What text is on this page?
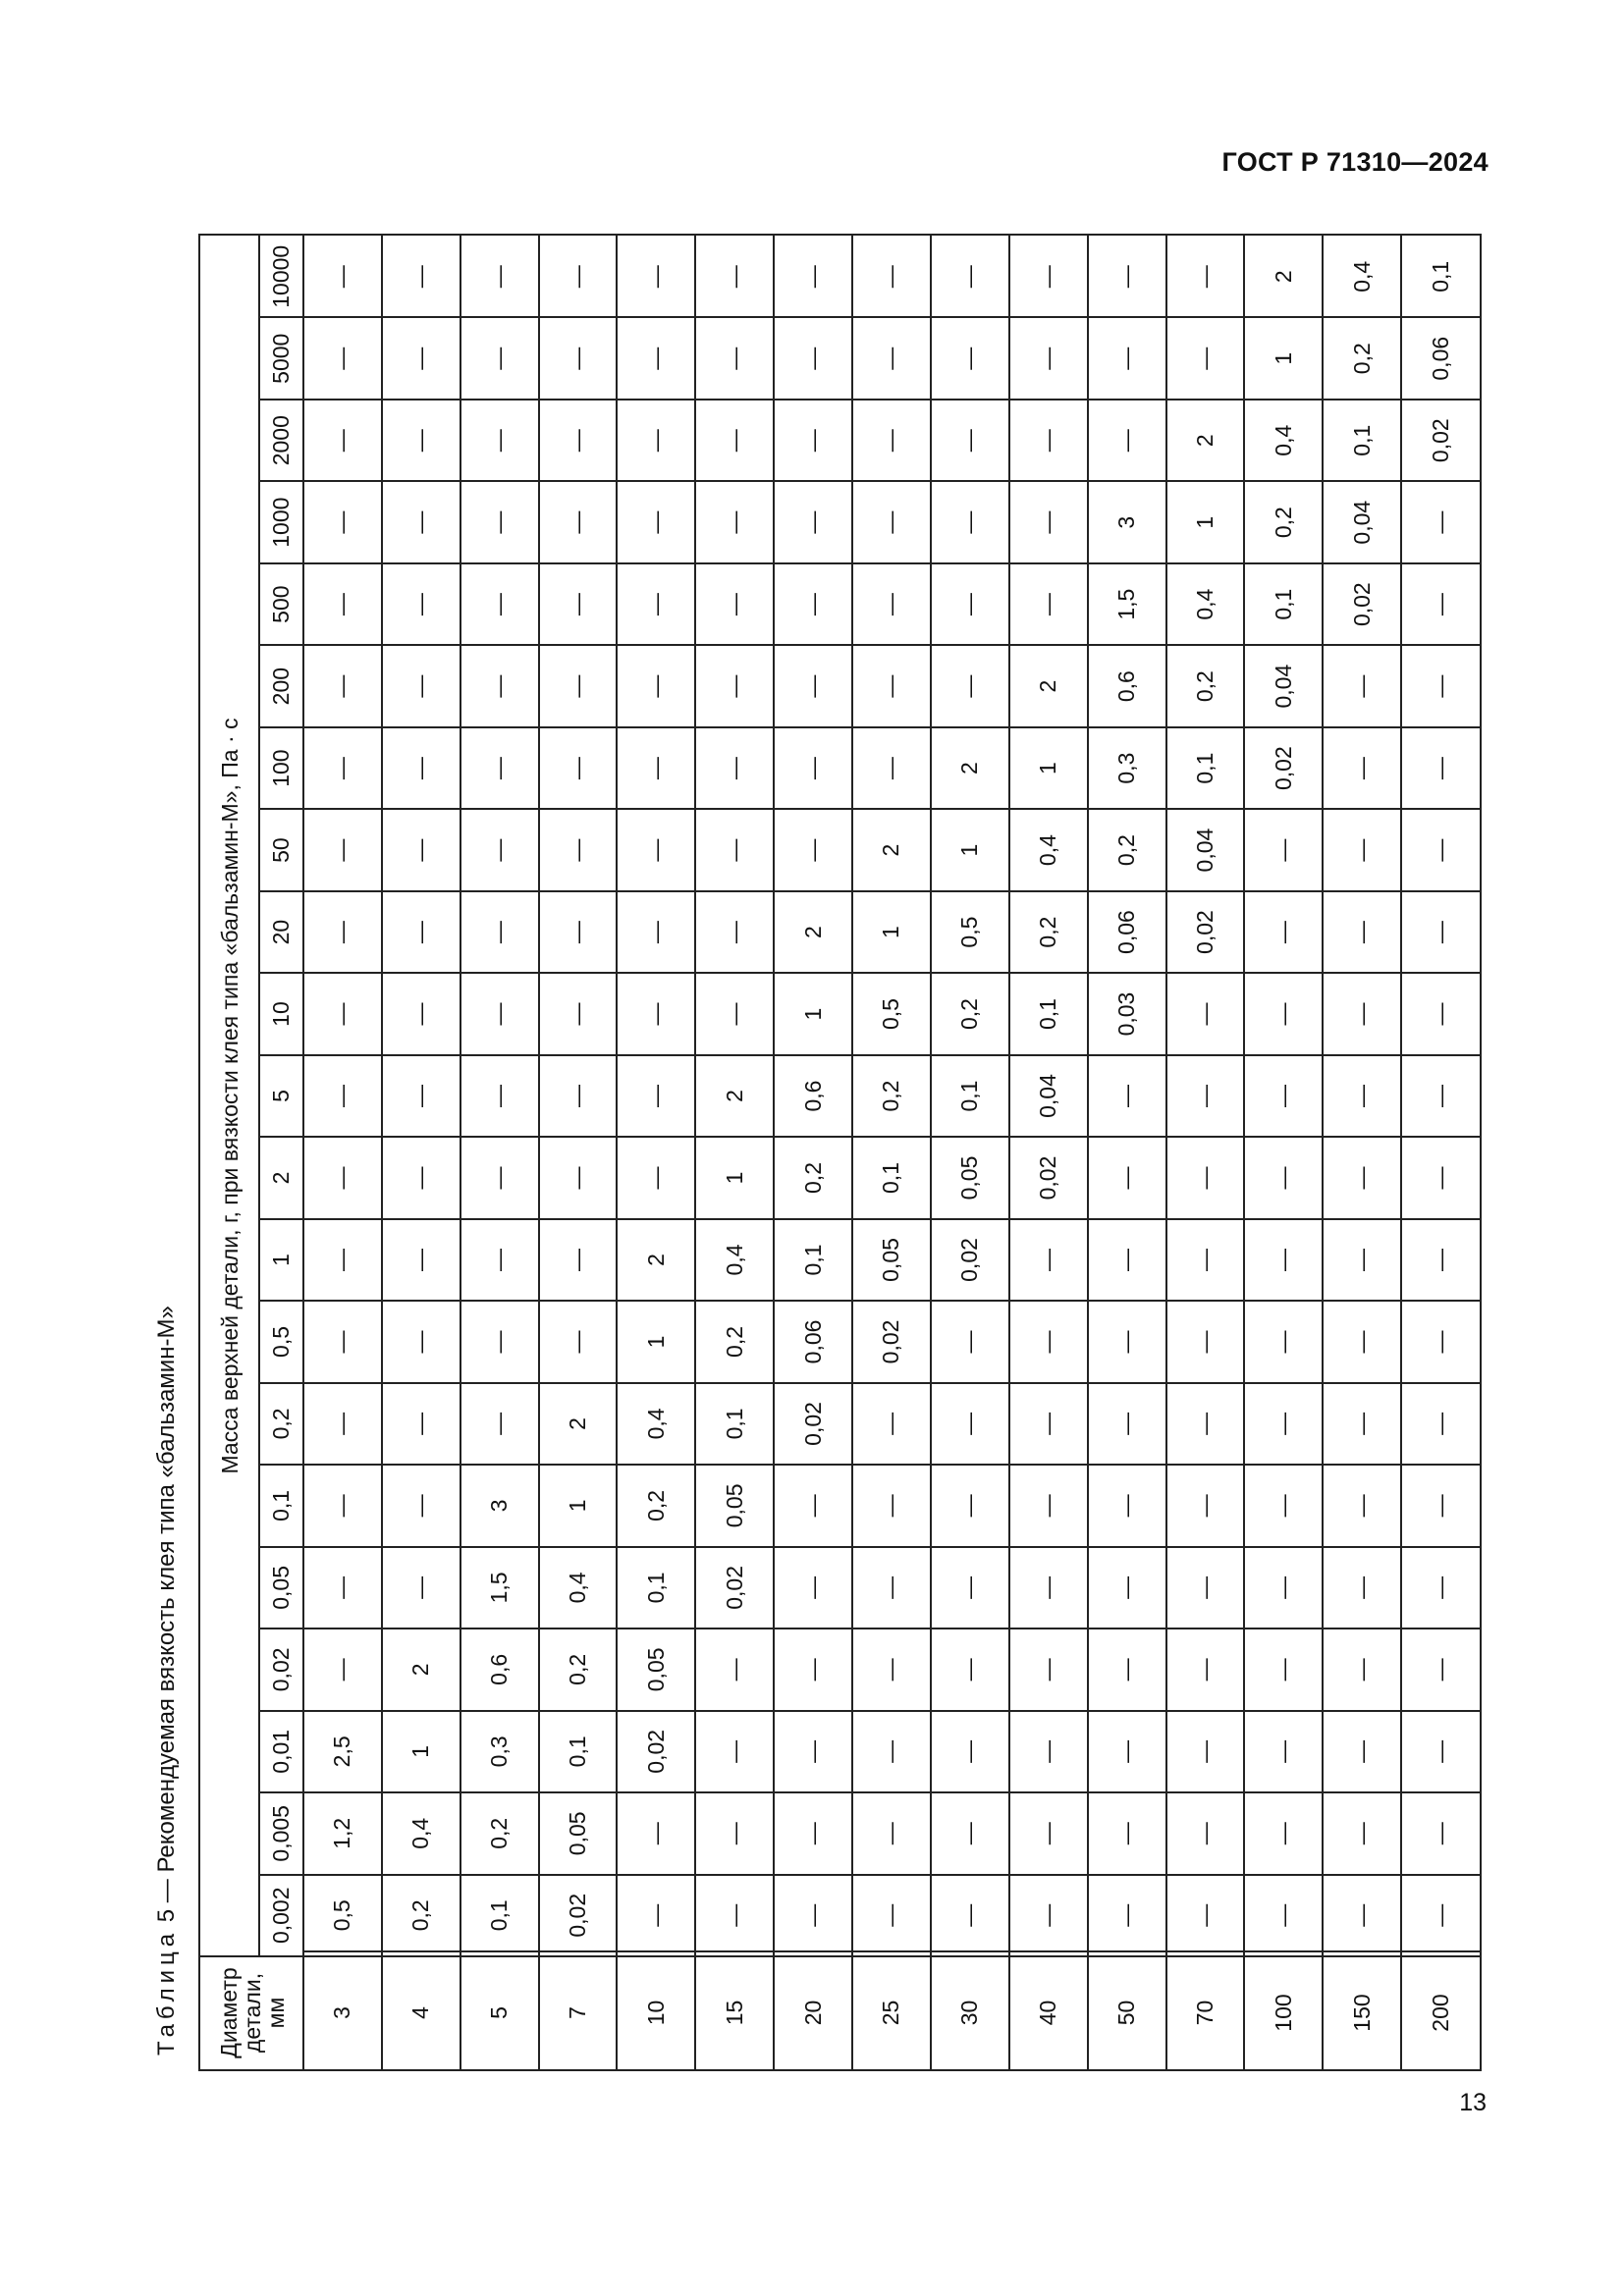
ГОСТ Р 71310—2024
Таблица 5 — Рекомендуемая вязкость клея типа «бальзамин-М»
Диаметр детали, мм
Масса верхней детали, г, при вязкости клея типа «бальзамин-М», Па · с
0,002
0,005
0,01
0,02
0,05
0,1
0,2
0,5
1
2
5
10
20
50
100
200
500
1000
2000
5000
10000
3
0,5
1,2
2,5
—
—
—
—
—
—
—
—
—
—
—
—
—
—
—
—
—
—
4
0,2
0,4
1
2
—
—
—
—
—
—
—
—
—
—
—
—
—
—
—
—
—
5
0,1
0,2
0,3
0,6
1,5
3
—
—
—
—
—
—
—
—
—
—
—
—
—
—
—
7
0,02
0,05
0,1
0,2
0,4
1
2
—
—
—
—
—
—
—
—
—
—
—
—
—
—
10
—
—
0,02
0,05
0,1
0,2
0,4
1
2
—
—
—
—
—
—
—
—
—
—
—
—
15
—
—
—
—
0,02
0,05
0,1
0,2
0,4
1
2
—
—
—
—
—
—
—
—
—
—
20
—
—
—
—
—
—
0,02
0,06
0,1
0,2
0,6
1
2
—
—
—
—
—
—
—
—
25
—
—
—
—
—
—
—
0,02
0,05
0,1
0,2
0,5
1
2
—
—
—
—
—
—
—
30
—
—
—
—
—
—
—
—
0,02
0,05
0,1
0,2
0,5
1
2
—
—
—
—
—
—
40
—
—
—
—
—
—
—
—
—
0,02
0,04
0,1
0,2
0,4
1
2
—
—
—
—
—
50
—
—
—
—
—
—
—
—
—
—
—
0,03
0,06
0,2
0,3
0,6
1,5
3
—
—
—
70
—
—
—
—
—
—
—
—
—
—
—
—
0,02
0,04
0,1
0,2
0,4
1
2
—
—
100
—
—
—
—
—
—
—
—
—
—
—
—
—
—
0,02
0,04
0,1
0,2
0,4
1
2
150
—
—
—
—
—
—
—
—
—
—
—
—
—
—
—
—
0,02
0,04
0,1
0,2
0,4
200
—
—
—
—
—
—
—
—
—
—
—
—
—
—
—
—
—
—
0,02
0,06
0,1
13
